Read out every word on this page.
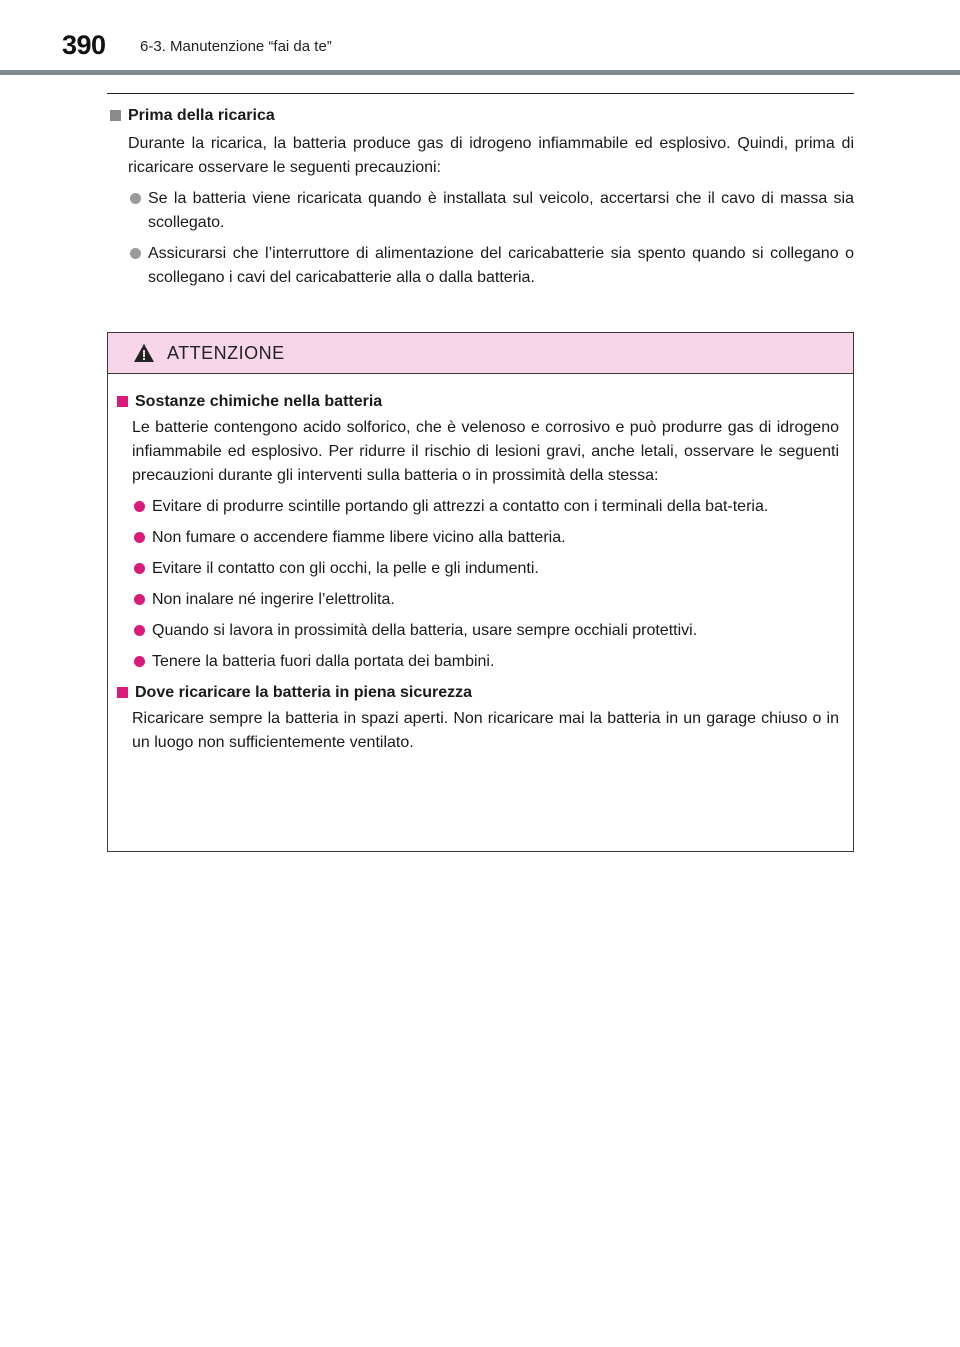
390 6-3. Manutenzione “fai da te”
Prima della ricarica

Durante la ricarica, la batteria produce gas di idrogeno infiammabile ed esplosivo. Quindi, prima di ricaricare osservare le seguenti precauzioni:

Se la batteria viene ricaricata quando è installata sul veicolo, accertarsi che il cavo di massa sia scollegato.
Assicurarsi che l’interruttore di alimentazione del caricabatterie sia spento quando si collegano o scollegano i cavi del caricabatterie alla o dalla batteria.
ATTENZIONE
Sostanze chimiche nella batteria

Le batterie contengono acido solforico, che è velenoso e corrosivo e può produrre gas di idrogeno infiammabile ed esplosivo. Per ridurre il rischio di lesioni gravi, anche letali, osservare le seguenti precauzioni durante gli interventi sulla batteria o in prossimità della stessa:

Evitare di produrre scintille portando gli attrezzi a contatto con i terminali della bat-teria.
Non fumare o accendere fiamme libere vicino alla batteria.
Evitare il contatto con gli occhi, la pelle e gli indumenti.
Non inalare né ingerire l’elettrolita.
Quando si lavora in prossimità della batteria, usare sempre occhiali protettivi.
Tenere la batteria fuori dalla portata dei bambini.
Dove ricaricare la batteria in piena sicurezza

Ricaricare sempre la batteria in spazi aperti. Non ricaricare mai la batteria in un garage chiuso o in un luogo non sufficientemente ventilato.
